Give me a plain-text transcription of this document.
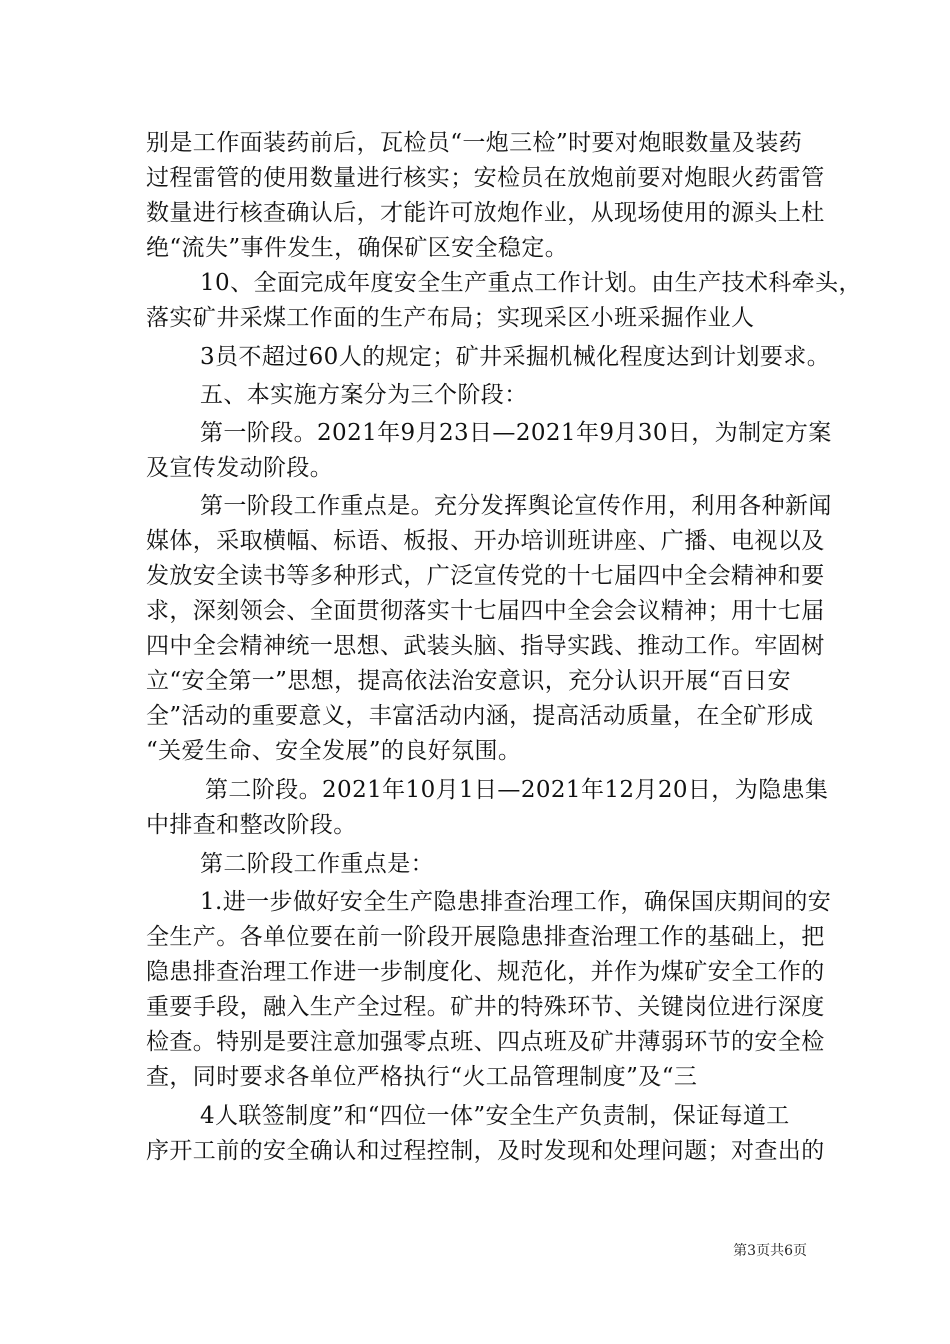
别是工作面装药前后，瓦检员“一炮三检”时要对炮眼数量及装药
过程雷管的使用数量进行核实；安检员在放炮前要对炮眼火药雷管
数量进行核查确认后，才能许可放炮作业，从现场使用的源头上杜
绝“流失”事件发生，确保矿区安全稳定。
10、全面完成年度安全生产重点工作计划。由生产技术科牵头，
落实矿井采煤工作面的生产布局；实现采区小班采掘作业人
3员不超过60人的规定；矿井采掘机械化程度达到计划要求。
五、本实施方案分为三个阶段：
第一阶段。2021年9月23日—2021年9月30日，为制定方案
及宣传发动阶段。
第一阶段工作重点是。充分发挥舆论宣传作用，利用各种新闻
媒体，采取横幅、标语、板报、开办培训班讲座、广播、电视以及
发放安全读书等多种形式，广泛宣传党的十七届四中全会精神和要
求，深刻领会、全面贯彻落实十七届四中全会会议精神；用十七届
四中全会精神统一思想、武装头脑、指导实践、推动工作。牢固树
立“安全第一”思想，提高依法治安意识，充分认识开展“百日安
全”活动的重要意义，丰富活动内涵，提高活动质量，在全矿形成
“关爱生命、安全发展”的良好氛围。
第二阶段。2021年10月1日—2021年12月20日，为隐患集
中排查和整改阶段。
第二阶段工作重点是：
1.进一步做好安全生产隐患排查治理工作，确保国庆期间的安
全生产。各单位要在前一阶段开展隐患排查治理工作的基础上，把
隐患排查治理工作进一步制度化、规范化，并作为煤矿安全工作的
重要手段，融入生产全过程。矿井的特殊环节、关键岗位进行深度
检查。特别是要注意加强零点班、四点班及矿井薄弱环节的安全检
查，同时要求各单位严格执行“火工品管理制度”及“三
4人联签制度”和“四位一体”安全生产负责制，保证每道工
序开工前的安全确认和过程控制，及时发现和处理问题；对查出的
第3页共6页
